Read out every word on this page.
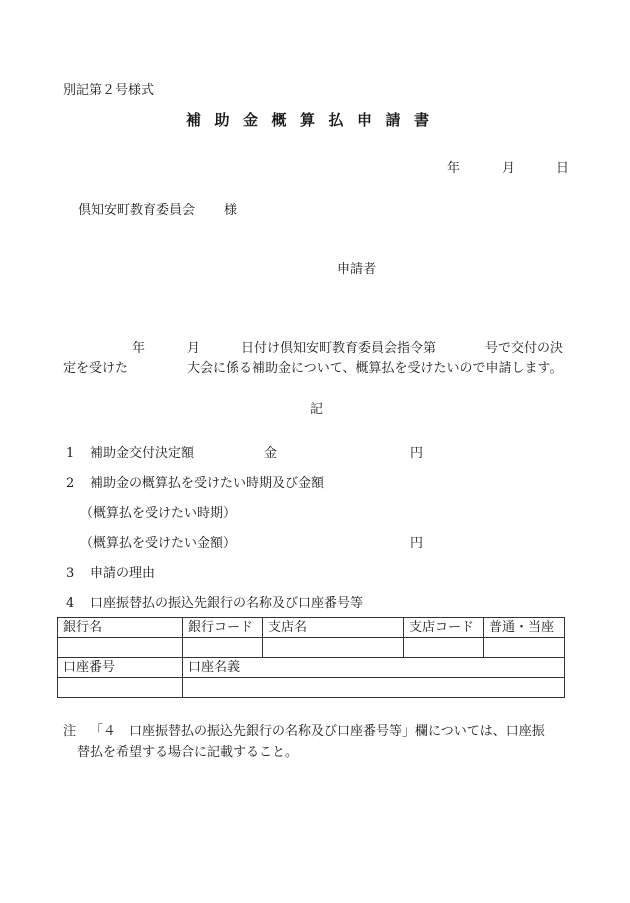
別記第２号様式
補助金概算払申請書
年	月	日
倶知安町教育委員会 様
申請者
年	月	日付け倶知安町教育委員会指令第	号で交付の決
定を受けた	大会に係る補助金について、概算払を受けたいので申請します。
記
1 補助金交付決定額	金	円
2 補助金の概算払を受けたい時期及び金額
（概算払を受けたい時期）
（概算払を受けたい金額）	円
3 申請の理由
4 口座振替払の振込先銀行の名称及び口座番号等
銀行名	銀行コード	支店名	支店コード	普通・当座

口座番号	口座名義			

注 「４　口座振替払の振込先銀行の名称及び口座番号等」欄については、口座振
替払を希望する場合に記載すること。
